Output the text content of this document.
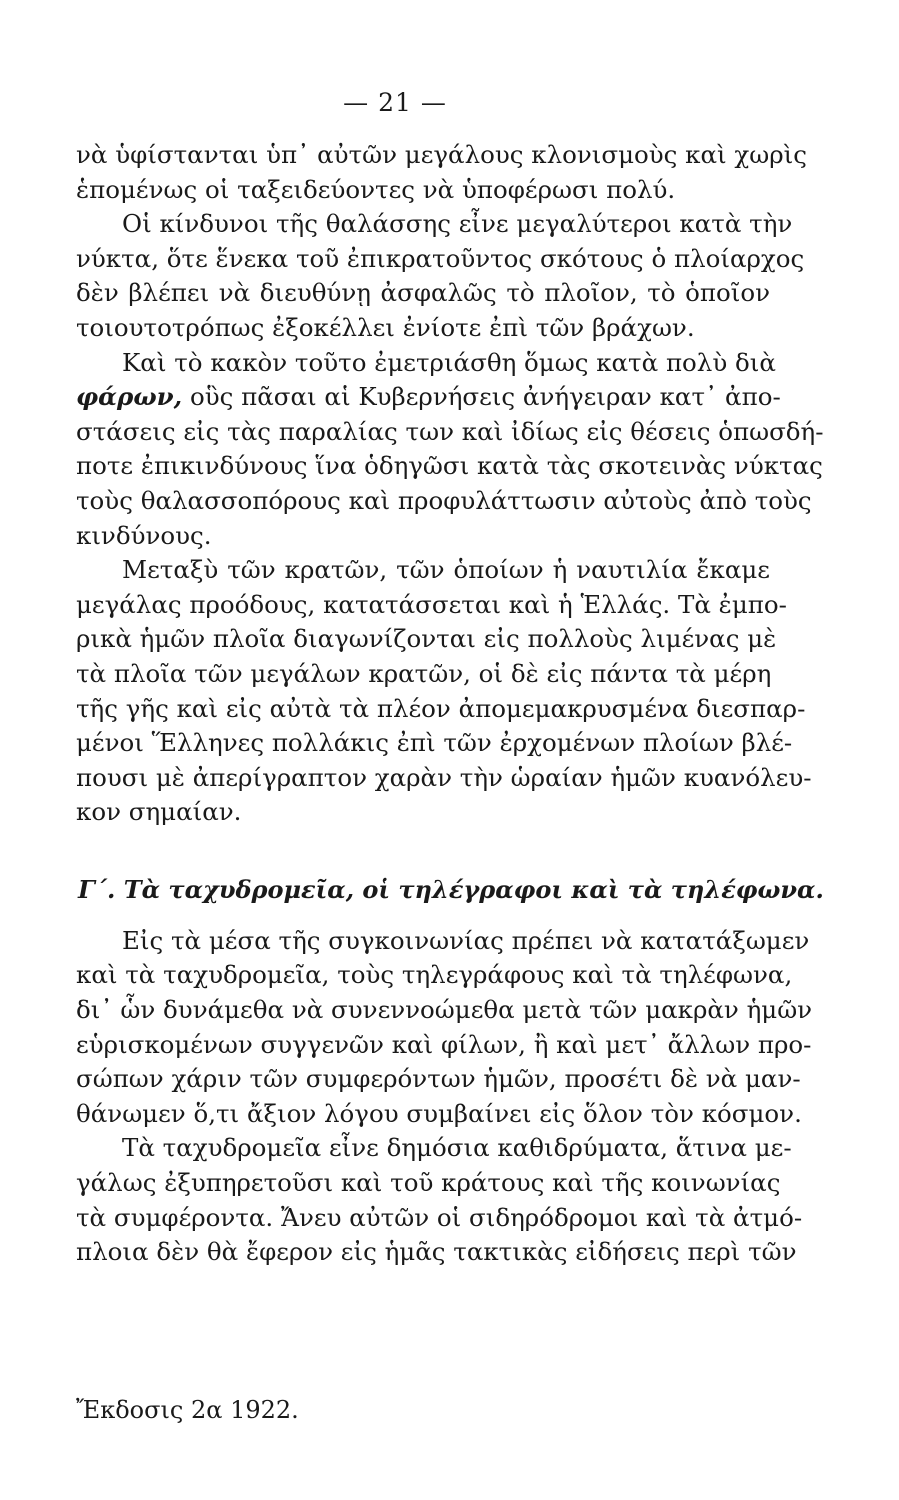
— 21 —
νὰ ὑφίστανται ὑπ᾿ αὐτῶν μεγάλους κλονισμοὺς καὶ χωρὶς
ἑπομένως οἱ ταξειδεύοντες νὰ ὑποφέρωσι πολύ.
Οἱ κίνδυνοι τῆς θαλάσσης εἶνε μεγαλύτεροι κατὰ τὴν
νύκτα, ὅτε ἕνεκα τοῦ ἐπικρατοῦντος σκότους ὁ πλοίαρχος
δὲν βλέπει νὰ διευθύνῃ ἀσφαλῶς τὸ πλοῖον, τὸ ὁποῖον
τοιουτοτρόπως ἐξοκέλλει ἐνίοτε ἐπὶ τῶν βράχων.
Καὶ τὸ κακὸν τοῦτο ἐμετριάσθη ὅμως κατὰ πολὺ διὰ
φάρων, οὓς πᾶσαι αἱ Κυβερνήσεις ἀνήγειραν κατ᾿ ἀπο-
στάσεις εἰς τὰς παραλίας των καὶ ἰδίως εἰς θέσεις ὁπωσδή-
ποτε ἐπικινδύνους ἵνα ὁδηγῶσι κατὰ τὰς σκοτεινὰς νύκτας
τοὺς θαλασσοπόρους καὶ προφυλάττωσιν αὐτοὺς ἀπὸ τοὺς
κινδύνους.
Μεταξὺ τῶν κρατῶν, τῶν ὁποίων ἡ ναυτιλία ἔκαμε
μεγάλας προόδους, κατατάσσεται καὶ ἡ Ἑλλάς. Τὰ ἐμπο-
ρικὰ ἡμῶν πλοῖα διαγωνίζονται εἰς πολλοὺς λιμένας μὲ
τὰ πλοῖα τῶν μεγάλων κρατῶν, οἱ δὲ εἰς πάντα τὰ μέρη
τῆς γῆς καὶ εἰς αὐτὰ τὰ πλέον ἀπομεμακρυσμένα διεσπαρ-
μένοι Ἕλληνες πολλάκις ἐπὶ τῶν ἐρχομένων πλοίων βλέ-
πουσι μὲ ἀπερίγραπτον χαρὰν τὴν ὡραίαν ἡμῶν κυανόλευ-
κον σημαίαν.
Γ΄. Τὰ ταχυδρομεῖα, οἱ τηλέγραφοι καὶ τὰ τηλέφωνα.
Εἰς τὰ μέσα τῆς συγκοινωνίας πρέπει νὰ κατατάξωμεν
καὶ τὰ ταχυδρομεῖα, τοὺς τηλεγράφους καὶ τὰ τηλέφωνα,
δι᾿ ὧν δυνάμεθα νὰ συνεννοώμεθα μετὰ τῶν μακρὰν ἡμῶν
εὑρισκομένων συγγενῶν καὶ φίλων, ἢ καὶ μετ᾿ ἄλλων προ-
σώπων χάριν τῶν συμφερόντων ἡμῶν, προσέτι δὲ νὰ μαν-
θάνωμεν ὅ,τι ἄξιον λόγου συμβαίνει εἰς ὅλον τὸν κόσμον.
Τὰ ταχυδρομεῖα εἶνε δημόσια καθιδρύματα, ἅτινα με-
γάλως ἐξυπηρετοῦσι καὶ τοῦ κράτους καὶ τῆς κοινωνίας
τὰ συμφέροντα. Ἄνευ αὐτῶν οἱ σιδηρόδρομοι καὶ τὰ ἀτμό-
πλοια δὲν θὰ ἔφερον εἰς ἡμᾶς τακτικὰς εἰδήσεις περὶ τῶν
Ἔκδοσις 2α 1922.
